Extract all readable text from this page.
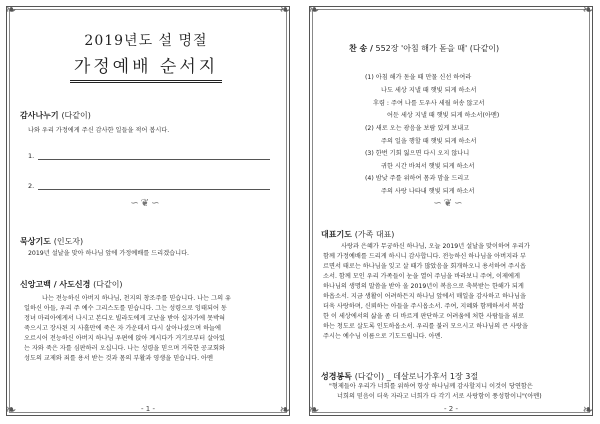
❧	❧
❧	❧
2019년도 설 명절
가정예배 순서지
감사나누기 (다같이)
나와 우리 가정에게 주신 감사한 일들을 적어 봅시다.
1.
2.
∽❦∽
묵상기도 (인도자)
2019년 설날을 맞아 하나님 앞에 가정예배를 드리겠습니다.
신앙고백 / 사도신경 (다같이)
나는 전능하신 아버지 하나님, 천지의 창조주를 믿습니다. 나는 그의 유
일하신 아들, 우리 주 예수 그리스도를 믿습니다. 그는 성령으로 잉태되어 동
정녀 마리아에게서 나시고 본디오 빌라도에게 고난을 받아 십자가에 못박혀
죽으시고 장사된 지 사흘만에 죽은 자 가운데서 다시 살아나셨으며 하늘에
오르시어 전능하신 아버지 하나님 우편에 앉아 계시다가 거기로부터 살아있
는 자와 죽은 자를 심판하러 오십니다. 나는 성령을 믿으며 거룩한 공교회와
성도의 교제와 죄를 용서 받는 것과 몸의 부활과 영생을 믿습니다. 아멘
- 1 -
❧	❧
❧	❧
찬 송 / 552장 '아침 해가 돋을 때' (다같이)
(1) 아침 해가 돋을 때 만물 신선 하여라
나도 세상 지낼 때 햇빛 되게 하소서
후렴 : 주여 나를 도우사 세월 허송 않고서
어둔 세상 지낼 때 햇빛 되게 하소서(아멘)
(2) 새로 오는 광음을 보람 있게 보내고
주의 일을 행할 때 햇빛 되게 하소서
(3) 한번 기회 잃으면 다시 오지 않나니
귀한 시간 바쳐서 햇빛 되게 하소서
(4) 밤낮 주를 위하여 몸과 맘을 드리고
주의 사랑 나타내 햇빛 되게 하소서
∽❦∽
대표기도 (가족 대표)
사랑과 은혜가 무궁하신 하나님, 오늘 2019년 설날을 맞이하여 우리가
함께 가정예배를 드리게 하시니 감사합니다. 전능하신 하나님을 아버지라 부
르면서 태로는 하나님을 잊고 살 때가 많았음을 회개하오니 용서하여 주시옵
소서. 함께 모인 우리 가족들이 눈을 열어 주님을 바라보니 주여, 이제에게
하나님의 생명의 말씀을 받아 올 2019년이 복음으로 축복받는 한해가 되게
하옵소서. 지금 생활이 어려하든지 하나님 앞에서 매일을 감사하고 하나님을
더욱 사랑하며, 신뢰하는 아들을 주시옵소서. 주여, 지혜와 함께하셔서 복잡
한 이 세상에서의 삶을 좀 더 바르게 판단하고 어려움에 처한 사람들을 위로
하는 청도로 살도록 인도하옵소서. 우리를 불러 모으시고 하나님의 큰 사랑을
주시는 예수님 이름으로 기도드립니다. 아멘.
성경봉독 (다같이) _ 데살로니가후서 1장 3절
"형제들아 우리가 너희를 위하여 항상 하나님께 감사할지니 이것이 당연함은
너희의 믿음이 더욱 자라고 너희가 다 각기 서로 사랑함이 풍성함이니"(아멘)
- 2 -
